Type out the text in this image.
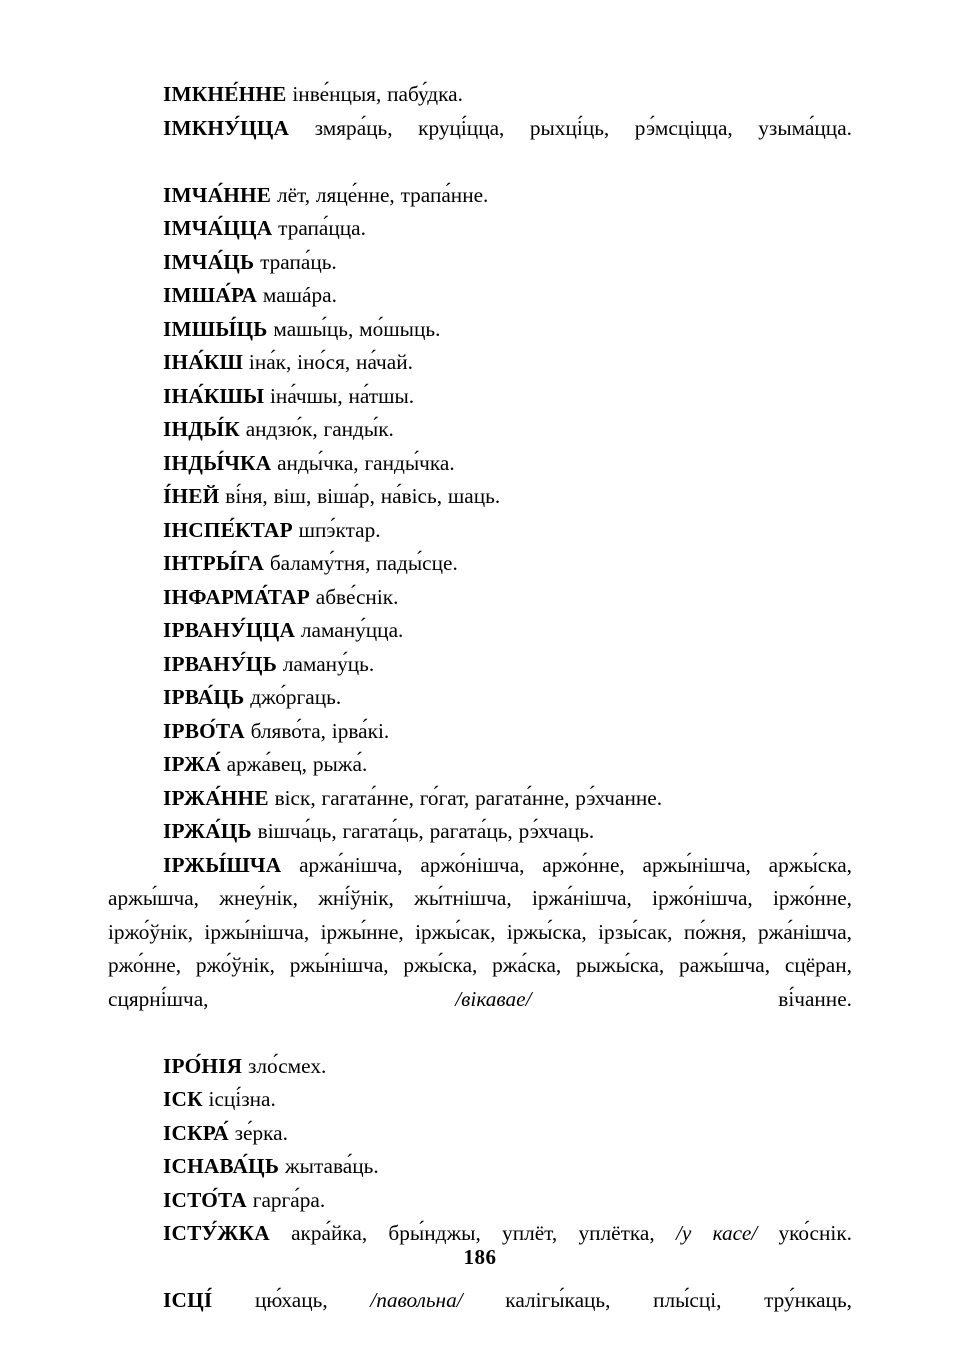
ІМКНЕ́ННЕ інве́нцыя, пабу́дка.

ІМКНУ́ЦЦА змяра́ць, круці́цца, рыхці́ць, рэ́мсціцца, узыма́цца.

ІМЧА́ННЕ лёт, ляце́нне, трапа́нне.

ІМЧА́ЦЦА трапа́цца.

ІМЧА́ЦЬ трапа́ць.

ІМША́РА машáра.

ІМШЫ́ЦЬ машы́ць, мо́шыць.

ІНА́КШ іна́к, іно́ся, на́чай.

ІНА́КШЫ іна́чшы, на́тшы.

ІНДЫ́К андзю́к, ганды́к.

ІНДЫ́ЧКА анды́чка, ганды́чка.

І́НЕЙ ві́ня, віш, віша́р, на́вісь, шаць.

ІНСПЕ́КТАР шпэ́ктар.

ІНТРЫ́ГА баламу́тня, пады́сце.

ІНФАРМА́ТАР абве́снік.

ІРВАНУ́ЦЦА ламану́цца.

ІРВАНУ́ЦЬ ламану́ць.

ІРВА́ЦЬ джо́ргаць.

ІРВО́ТА бляво́та, ірва́кі.

ІРЖА́ аржа́вец, рыжа́.

ІРЖА́ННЕ віск, гагата́нне, го́гат, рагата́нне, рэ́хчанне.

ІРЖА́ЦЬ вішча́ць, гагата́ць, рагата́ць, рэ́хчаць.

ІРЖЫ́ШЧА аржа́нішча, аржо́нішча, аржо́нне, аржы́нішча, аржы́ска, аржы́шча, жнеу́нік, жні́ўнік, жы́тнішча, іржа́нішча, іржо́нішча, іржо́нне, іржо́ўнік, іржы́нішча, іржы́нне, іржы́сак, іржы́ска, ірзы́сак, по́жня, ржа́нішча, ржо́нне, ржо́ўнік, ржы́нішча, ржы́ска, ржа́ска, рыжы́ска, ражы́шча, сцёран, сцярні́шча, /вікавае/ ві́чанне.

ІРО́НІЯ зло́смех.

ІСК ісці́зна.

ІСКРА́ зе́рка.

ІСНАВА́ЦЬ жытава́ць.

ІСТО́ТА гарга́ра.

ІСТУ́ЖКА акра́йка, бры́нджы, уплёт, уплётка, /у касе/ уко́снік.

ІСЦІ́ цю́хаць, /павольна/ калігы́каць, плы́сці, тру́нкаць,

186
